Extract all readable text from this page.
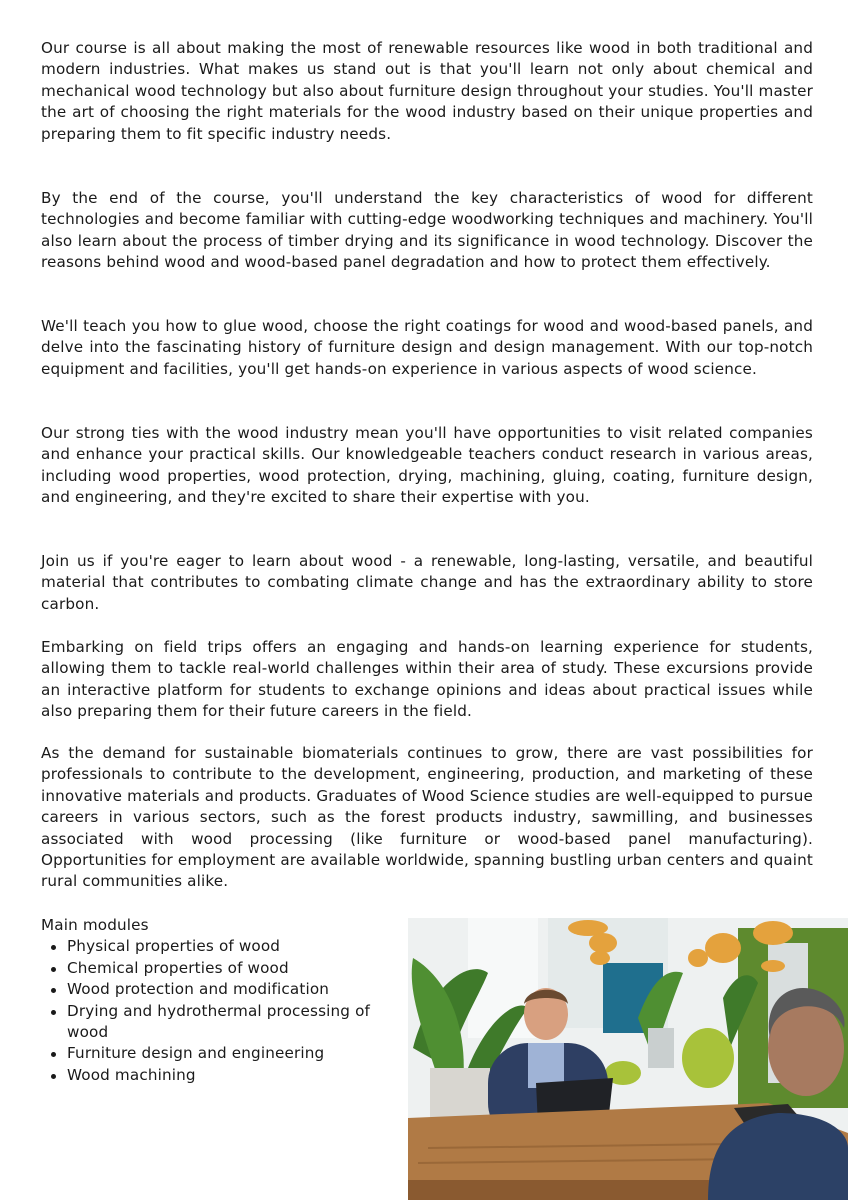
Our course is all about making the most of renewable resources like wood in both traditional and modern industries. What makes us stand out is that you'll learn not only about chemical and mechanical wood technology but also about furniture design throughout your studies. You'll master the art of choosing the right materials for the wood industry based on their unique properties and preparing them to fit specific industry needs.

By the end of the course, you'll understand the key characteristics of wood for different technologies and become familiar with cutting-edge woodworking techniques and machinery. You'll also learn about the process of timber drying and its significance in wood technology. Discover the reasons behind wood and wood-based panel degradation and how to protect them effectively.

We'll teach you how to glue wood, choose the right coatings for wood and wood-based panels, and delve into the fascinating history of furniture design and design management. With our top-notch equipment and facilities, you'll get hands-on experience in various aspects of wood science.

Our strong ties with the wood industry mean you'll have opportunities to visit related companies and enhance your practical skills. Our knowledgeable teachers conduct research in various areas, including wood properties, wood protection, drying, machining, gluing, coating, furniture design, and engineering, and they're excited to share their expertise with you.

Join us if you're eager to learn about wood - a renewable, long-lasting, versatile, and beautiful material that contributes to combating climate change and has the extraordinary ability to store carbon.

Embarking on field trips offers an engaging and hands-on learning experience for students, allowing them to tackle real-world challenges within their area of study. These excursions provide an interactive platform for students to exchange opinions and ideas about practical issues while also preparing them for their future careers in the field.

As the demand for sustainable biomaterials continues to grow, there are vast possibilities for professionals to contribute to the development, engineering, production, and marketing of these innovative materials and products. Graduates of Wood Science studies are well-equipped to pursue careers in various sectors, such as the forest products industry, sawmilling, and businesses associated with wood processing (like furniture or wood-based panel manufacturing). Opportunities for employment are available worldwide, spanning bustling urban centers and quaint rural communities alike.

Main modules

Physical properties of wood
Chemical properties of wood
Wood protection and modification
Drying and hydrothermal processing of wood
Furniture design and engineering
Wood machining
